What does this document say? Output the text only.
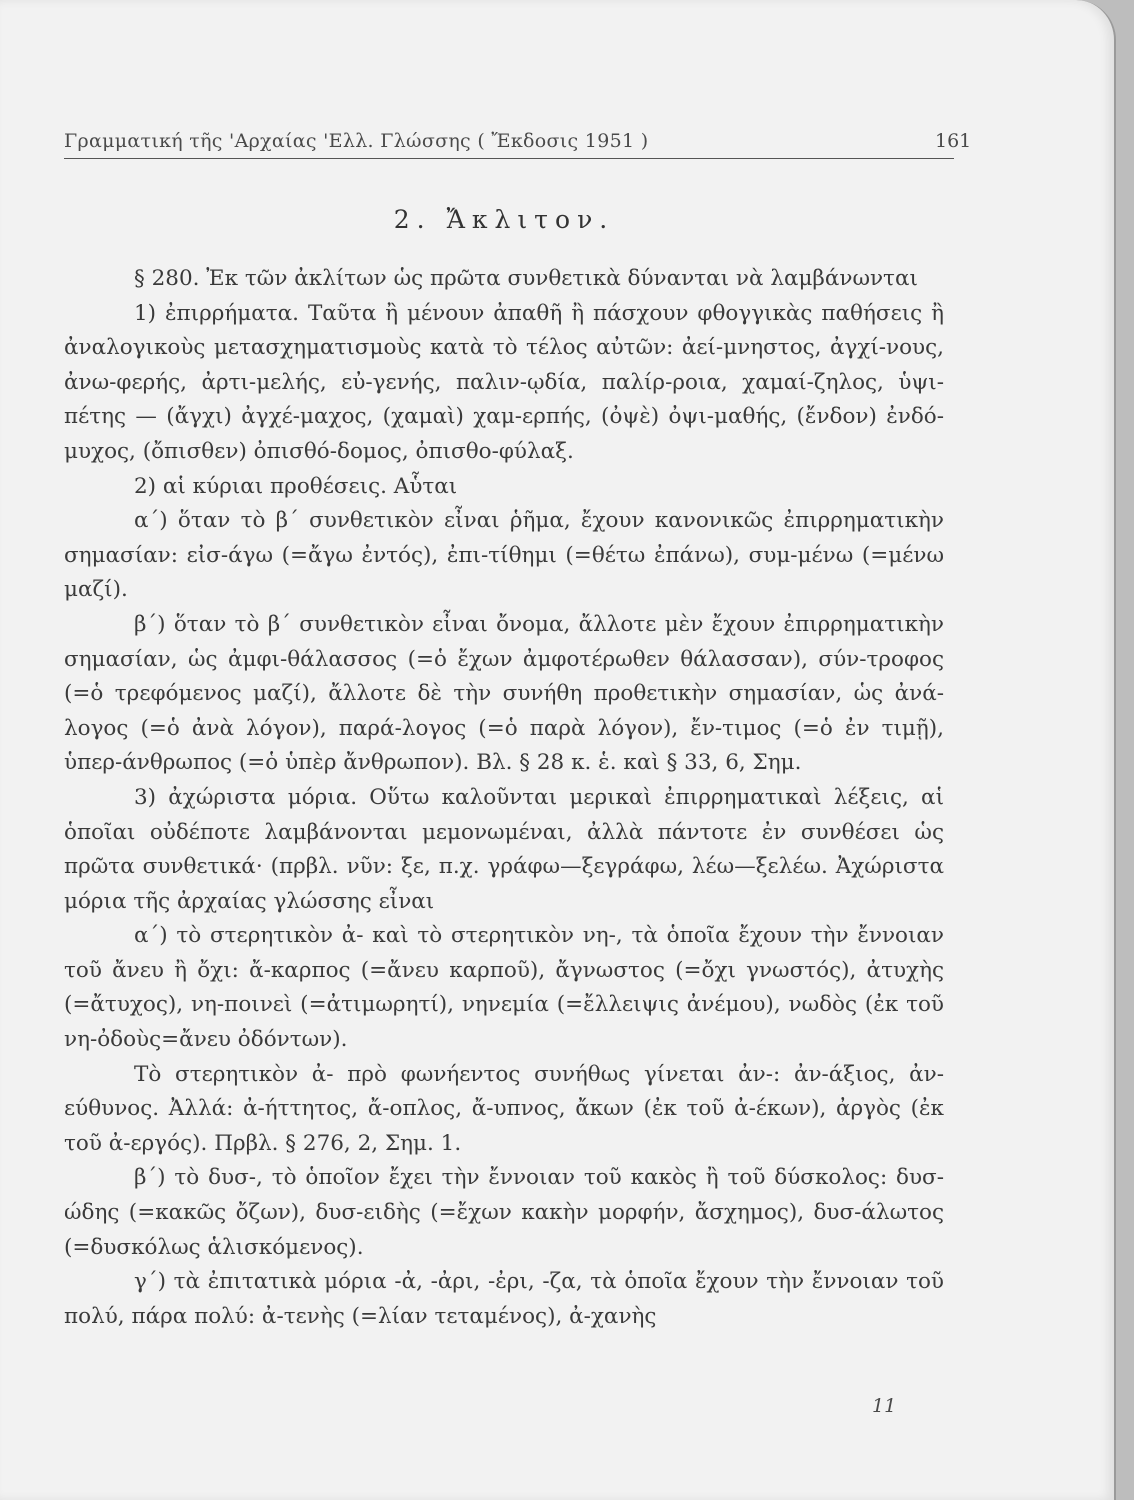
Γραμματική τῆς 'Αρχαίας 'Ελλ. Γλώσσης ( Ἔκδοσις 1951 )	161
2. Ἄκλιτον.

§ 280. Ἐκ τῶν ἀκλίτων ὡς πρῶτα συνθετικὰ δύνανται νὰ λαμβάνωνται

1) ἐπιρρήματα. Ταῦτα ἢ μένουν ἀπαθῆ ἢ πάσχουν φθογγικὰς παθήσεις ἢ ἀναλογικοὺς μετασχηματισμοὺς κατὰ τὸ τέλος αὐτῶν: ἀεί-μνηστος, ἀγχί-νους, ἀνω-φερής, ἀρτι-μελής, εὐ-γενής, παλιν-ῳδία, παλίρ-ροια, χαμαί-ζηλος, ὑψι-πέτης — (ἄγχι) ἀγχέ-μαχος, (χαμαὶ) χαμ-ερπής, (ὀψὲ) ὀψι-μαθής, (ἔνδον) ἐνδό-μυχος, (ὄπισθεν) ὀπισθό-δομος, ὀπισθο-φύλαξ.

2) αἱ κύριαι προθέσεις. Αὗται

α΄) ὅταν τὸ β΄ συνθετικὸν εἶναι ῥῆμα, ἔχουν κανονικῶς ἐπιρρηματικὴν σημασίαν: εἰσ-άγω (=ἄγω ἐντός), ἐπι-τίθημι (=θέτω ἐπάνω), συμ-μένω (=μένω μαζί).

β΄) ὅταν τὸ β΄ συνθετικὸν εἶναι ὄνομα, ἄλλοτε μὲν ἔχουν ἐπιρρηματικὴν σημασίαν, ὡς ἀμφι-θάλασσος (=ὁ ἔχων ἀμφοτέρωθεν θάλασσαν), σύν-τροφος (=ὁ τρεφόμενος μαζί), ἄλλοτε δὲ τὴν συνήθη προθετικὴν σημασίαν, ὡς ἀνά-λογος (=ὁ ἀνὰ λόγον), παρά-λογος (=ὁ παρὰ λόγον), ἔν-τιμος (=ὁ ἐν τιμῇ), ὑπερ-άνθρωπος (=ὁ ὑπὲρ ἄνθρωπον). Βλ. § 28 κ. ἑ. καὶ § 33, 6, Σημ.

3) ἀχώριστα μόρια. Οὕτω καλοῦνται μερικαὶ ἐπιρρηματικαὶ λέξεις, αἱ ὁποῖαι οὐδέποτε λαμβάνονται μεμονωμέναι, ἀλλὰ πάντοτε ἐν συνθέσει ὡς πρῶτα συνθετικά· (πρβλ. νῦν: ξε, π.χ. γράφω—ξεγράφω, λέω—ξελέω. Ἀχώριστα μόρια τῆς ἀρχαίας γλώσσης εἶναι

α΄) τὸ στερητικὸν ἀ- καὶ τὸ στερητικὸν νη-, τὰ ὁποῖα ἔχουν τὴν ἔννοιαν τοῦ ἄνευ ἢ ὄχι: ἄ-καρπος (=ἄνευ καρποῦ), ἄγνωστος (=ὄχι γνωστός), ἀτυχὴς (=ἄτυχος), νη-ποινεὶ (=ἀτιμωρητί), νηνεμία (=ἔλλειψις ἀνέμου), νωδὸς (ἐκ τοῦ νη-ὀδοὺς=ἄνευ ὀδόντων).

Τὸ στερητικὸν ἀ- πρὸ φωνήεντος συνήθως γίνεται ἀν-: ἀν-άξιος, ἀν-εύθυνος. Ἀλλά: ἀ-ήττητος, ἄ-οπλος, ἄ-υπνος, ἄκων (ἐκ τοῦ ἀ-έκων), ἀργὸς (ἐκ τοῦ ἀ-εργός). Πρβλ. § 276, 2, Σημ. 1.

β΄) τὸ δυσ-, τὸ ὁποῖον ἔχει τὴν ἔννοιαν τοῦ κακὸς ἢ τοῦ δύσκολος: δυσ-ώδης (=κακῶς ὄζων), δυσ-ειδὴς (=ἔχων κακὴν μορφήν, ἄσχημος), δυσ-άλωτος (=δυσκόλως ἁλισκόμενος).

γ΄) τὰ ἐπιτατικὰ μόρια -ἀ, -ἀρι, -ἐρι, -ζα, τὰ ὁποῖα ἔχουν τὴν ἔννοιαν τοῦ πολύ, πάρα πολύ: ἀ-τενὴς (=λίαν τεταμένος), ἀ-χανὴς

11
